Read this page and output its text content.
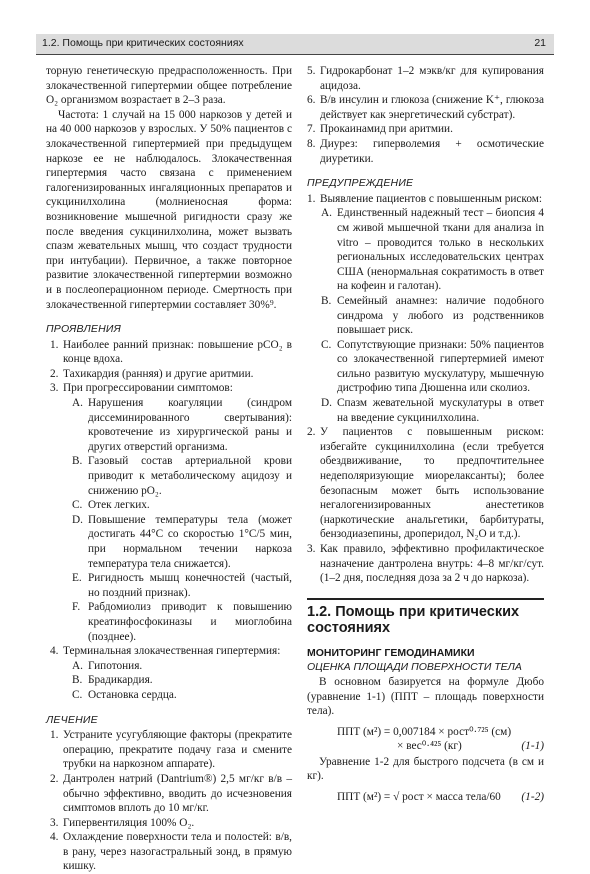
1.2. Помощь при критических состояниях	21

торную генетическую предрасположенность. При злокачественной гипертермии общее потребление O₂ организмом возрастает в 2–3 раза.

Частота: 1 случай на 15 000 наркозов у детей и на 40 000 наркозов у взрослых. У 50% пациентов с злокачественной гипертермией при предыдущем наркозе ее не наблюдалось. Злокачественная гипертермия часто связана с применением галогенизированных ингаляционных препаратов и сукцинилхолина (молниеносная форма: возникновение мышечной ригидности сразу же после введения сукцинилхолина, может вызвать спазм жевательных мышц, что создаст трудности при интубации). Первичное, а также повторное развитие злокачественной гипертермии возможно и в послеоперационном периоде. Смертность при злокачественной гипертермии составляет 30%⁹.

ПРОЯВЛЕНИЯ
1. Наиболее ранний признак: повышение pCO₂ в конце вдоха.
2. Тахикардия (ранняя) и другие аритмии.
3. При прогрессировании симптомов:
A. Нарушения коагуляции (синдром диссеминированного свертывания): кровотечение из хирургической раны и других отверстий организма.
B. Газовый состав артериальной крови приводит к метаболическому ацидозу и снижению pO₂.
C. Отек легких.
D. Повышение температуры тела (может достигать 44°C со скоростью 1°C/5 мин, при нормальном течении наркоза температура тела снижается).
E. Ригидность мышц конечностей (частый, но поздний признак).
F. Рабдомиолиз приводит к повышению креатинфосфокиназы и миоглобина (позднее).
4. Терминальная злокачественная гипертермия:
A. Гипотония.
B. Брадикардия.
C. Остановка сердца.
ЛЕЧЕНИЕ
1. Устраните усугубляющие факторы (прекратите операцию, прекратите подачу газа и смените трубки на наркозном аппарате).
2. Дантролен натрий (Dantrium®) 2,5 мг/кг в/в – обычно эффективно, вводить до исчезновения симптомов вплоть до 10 мг/кг.
3. Гипервентиляция 100% O₂.
4. Охлаждение поверхности тела и полостей: в/в, в рану, через назогастральный зонд, в прямую кишку.
5. Гидрокарбонат 1–2 мэкв/кг для купирования ацидоза.
6. В/в инсулин и глюкоза (снижение K⁺, глюкоза действует как энергетический субстрат).
7. Прокаинамид при аритмии.
8. Диурез: гиперволемия + осмотические диуретики.
ПРЕДУПРЕЖДЕНИЕ
1. Выявление пациентов с повышенным риском:
A. Единственный надежный тест – биопсия 4 см живой мышечной ткани для анализа in vitro – проводится только в нескольких региональных исследовательских центрах США (ненормальная сократимость в ответ на кофеин и галотан).
B. Семейный анамнез: наличие подобного синдрома у любого из родственников повышает риск.
C. Сопутствующие признаки: 50% пациентов со злокачественной гипертермией имеют сильно развитую мускулатуру, мышечную дистрофию типа Дюшенна или сколиоз.
D. Спазм жевательной мускулатуры в ответ на введение сукцинилхолина.
2. У пациентов с повышенным риском: избегайте сукцинилхолина (если требуется обездвиживание, то предпочтительнее недеполяризующие миорелаксанты); более безопасным может быть использование негалогенизированных анестетиков (наркотические анальгетики, барбитураты, бензодиазепины, дроперидол, N₂O и т.д.).
3. Как правило, эффективно профилактическое назначение дантролена внутрь: 4–8 мг/кг/сут. (1–2 дня, последняя доза за 2 ч до наркоза).
1.2. Помощь при критических состояниях
МОНИТОРИНГ ГЕМОДИНАМИКИ
ОЦЕНКА ПЛОЩАДИ ПОВЕРХНОСТИ ТЕЛА

В основном базируется на формуле Дюбо (уравнение 1-1) (ППТ – площадь поверхности тела).

ППТ (м²) = 0,007184 × рост⁰·⁷²⁵ (см)
× вес⁰·⁴²⁵ (кг)	(1-1)

Уравнение 1-2 для быстрого подсчета (в см и кг).

ППТ (м²) = √ рост × масса тела/60 (1-2)
